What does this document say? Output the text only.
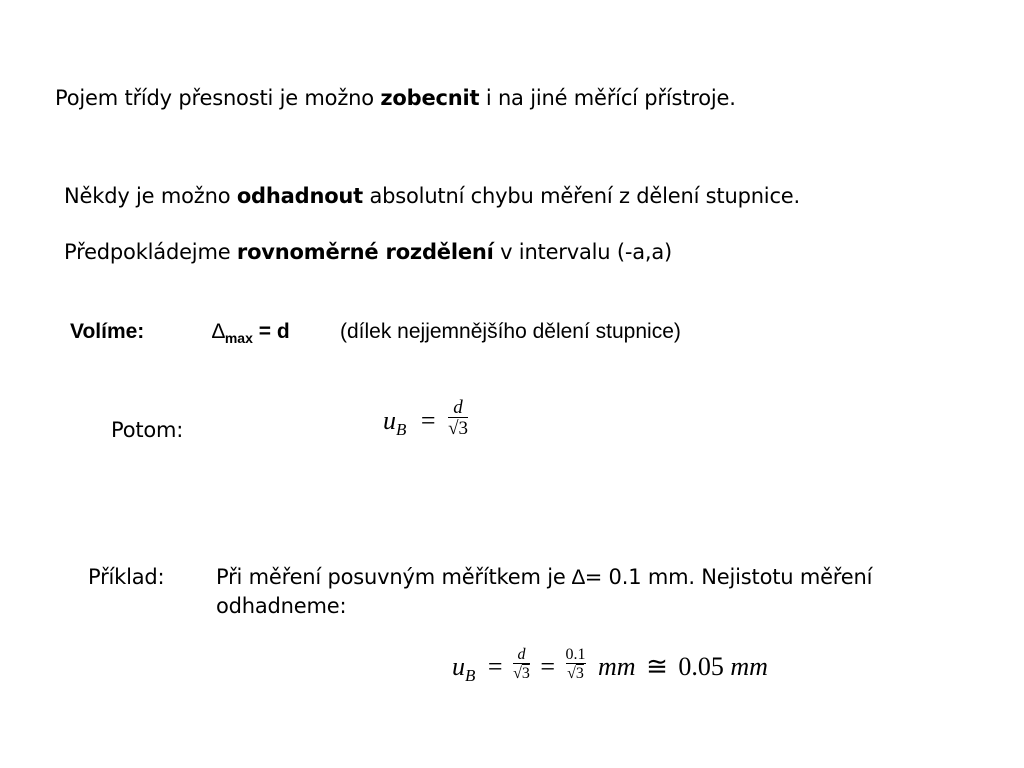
Pojem třídy přesnosti je možno zobecnit i na jiné měřící přístroje.
Někdy je možno odhadnout absolutní chybu měření z dělení stupnice.
Předpokládejme rovnoměrné rozdělení v intervalu (-a,a)
Volíme:	$\Delta_{max} = d$ (dílek nejjemnějšího dělení stupnice)
Potom:	$u_B = \frac{d}{√3}$
Příklad: Při měření posuvným měřítkem je ∆= 0.1 mm. Nejistotu měření
odhadneme:
$u_B = \frac{d}{√3} = \frac{0.1}{√3}$ mm ≅ 0.05 mm
